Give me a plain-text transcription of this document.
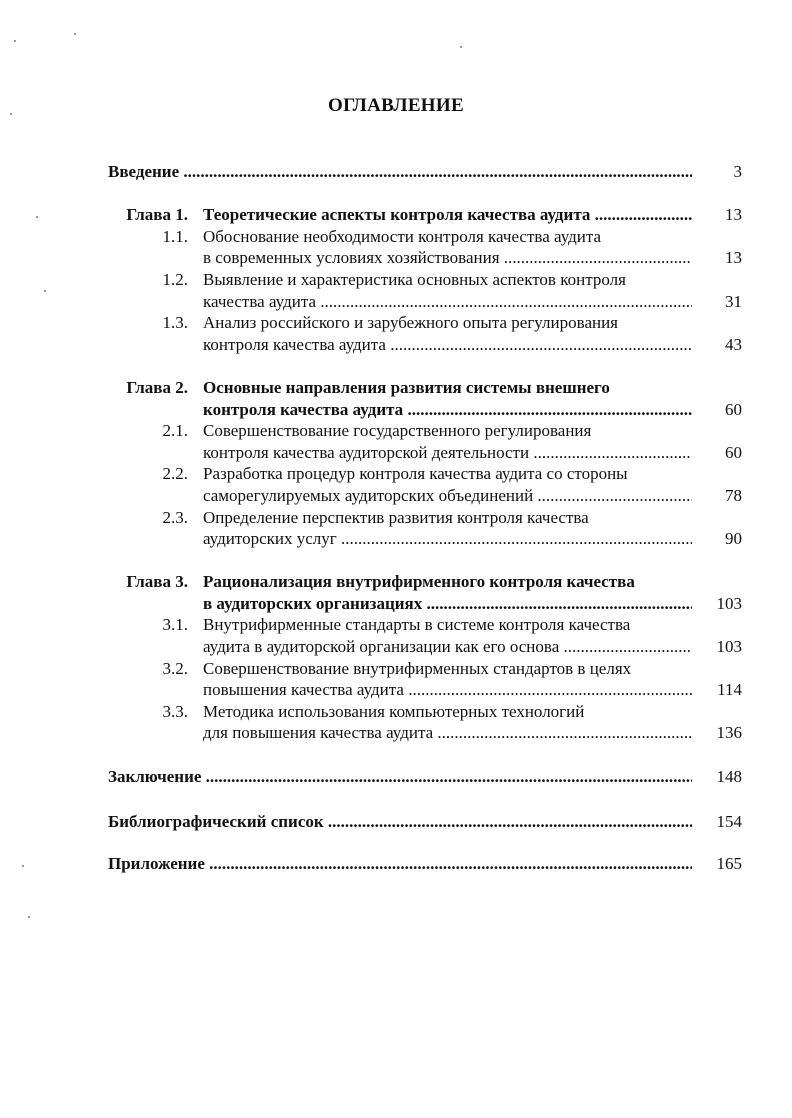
ОГЛАВЛЕНИЕ
Введение .....	3
Глава 1. Теоретические аспекты контроля качества аудита .....	13
1.1. Обоснование необходимости контроля качества аудита
в современных условиях хозяйствования .....	13
1.2. Выявление и характеристика основных аспектов контроля
качества аудита .....	31
1.3. Анализ российского и зарубежного опыта регулирования
контроля качества аудита .....	43
Глава 2. Основные направления развития системы внешнего
контроля качества аудита .....	60
2.1. Совершенствование государственного регулирования
контроля качества аудиторской деятельности .....	60
2.2. Разработка процедур контроля качества аудита со стороны
саморегулируемых аудиторских объединений .....	78
2.3. Определение перспектив развития контроля качества
аудиторских услуг .....	90
Глава 3. Рационализация внутрифирменного контроля качества
в аудиторских организациях .....	103
3.1. Внутрифирменные стандарты в системе контроля качества
аудита в аудиторской организации как его основа .....	103
3.2. Совершенствование внутрифирменных стандартов в целях
повышения качества аудита .....	114
3.3. Методика использования компьютерных технологий
для повышения качества аудита .....	136
Заключение .....	148
Библиографический список .....	154
Приложение .....	165
